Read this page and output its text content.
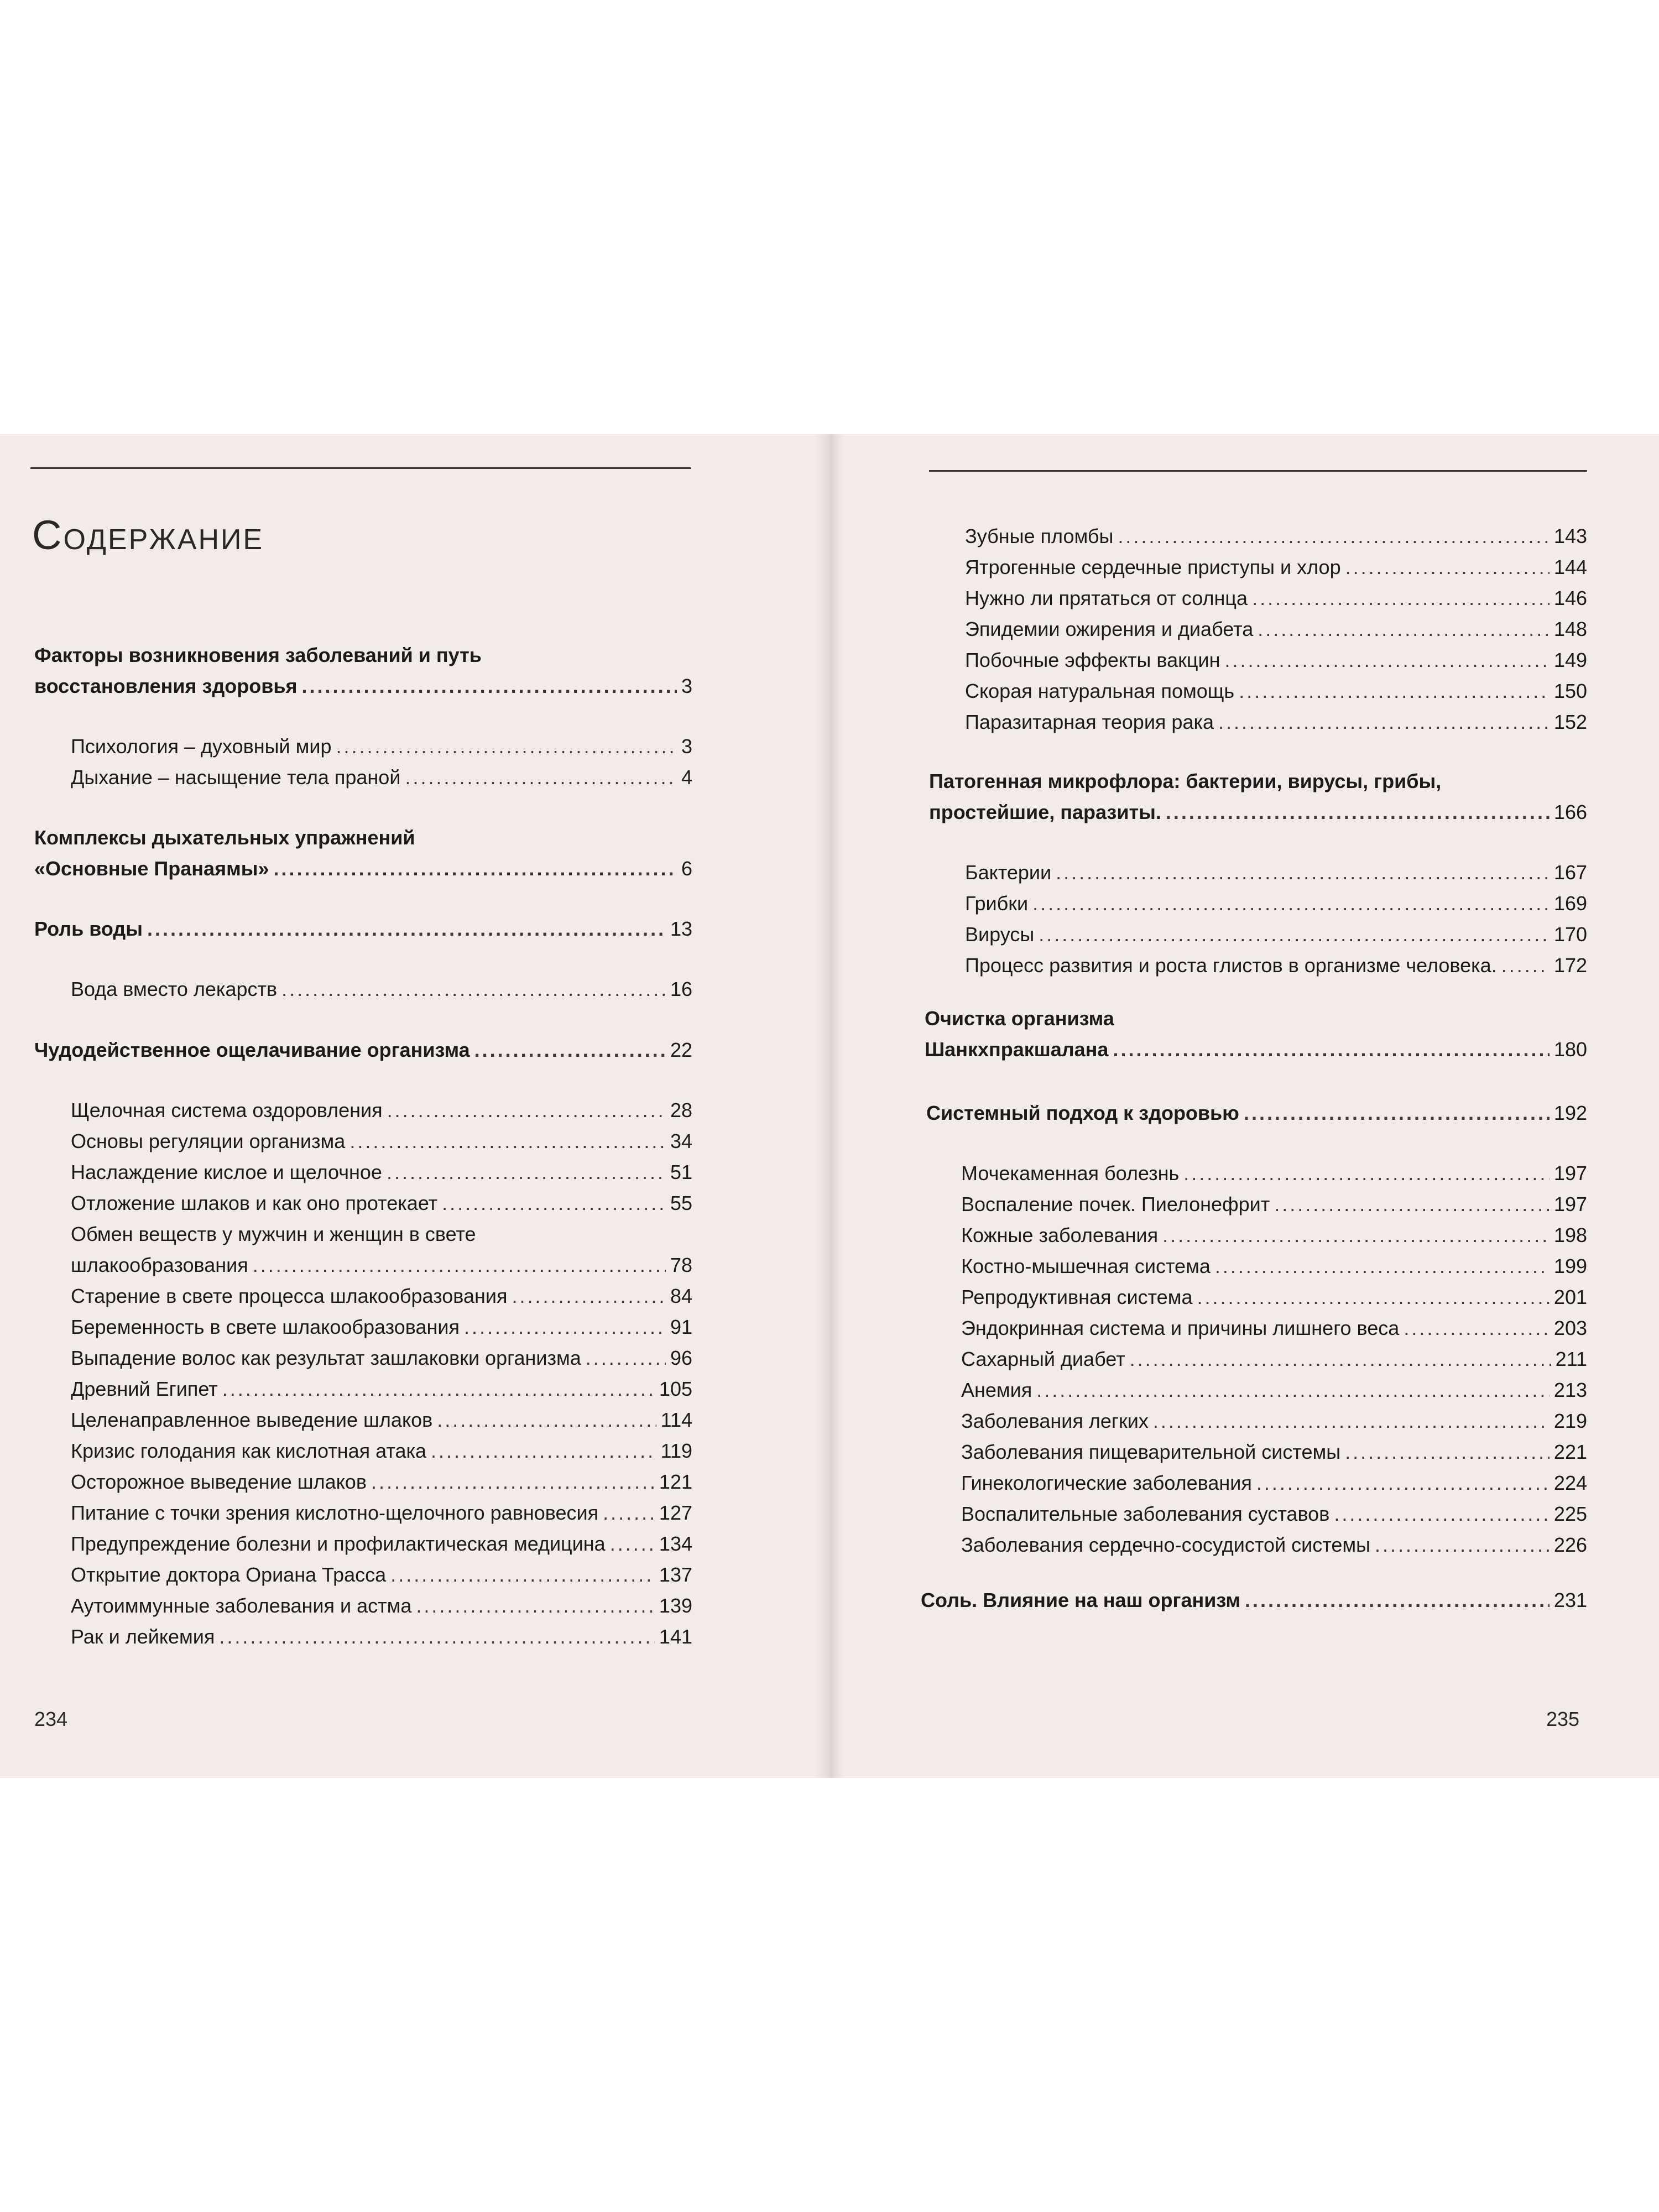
Содержание
Факторы возникновения заболеваний и путь
восстановления здоровья .....	3
Психология – духовный мир .....	3
Дыхание – насыщение тела праной .....	4
Комплексы дыхательных упражнений
«Основные Пранаямы» .....	6
Роль воды .....	13
Вода вместо лекарств .....	16
Чудодейственное ощелачивание организма .....	22
Щелочная система оздоровления .....	28
Основы регуляции организма .....	34
Наслаждение кислое и щелочное .....	51
Отложение шлаков и как оно протекает .....	55
Обмен веществ у мужчин и женщин в свете
шлакообразования .....	78
Старение в свете процесса шлакообразования .....	84
Беременность в свете шлакообразования .....	91
Выпадение волос как результат зашлаковки организма .....	96
Древний Египет .....	105
Целенаправленное выведение шлаков .....	114
Кризис голодания как кислотная атака .....	119
Осторожное выведение шлаков .....	121
Питание с точки зрения кислотно-щелочного равновесия .....	127
Предупреждение болезни и профилактическая медицина .....	134
Открытие доктора Ориана Трасса .....	137
Аутоиммунные заболевания и астма .....	139
Рак и лейкемия .....	141
234
Зубные пломбы .....	143
Ятрогенные сердечные приступы и хлор .....	144
Нужно ли прятаться от солнца .....	146
Эпидемии ожирения и диабета .....	148
Побочные эффекты вакцин .....	149
Скорая натуральная помощь .....	150
Паразитарная теория рака .....	152
Патогенная микрофлора: бактерии, вирусы, грибы,
простейшие, паразиты. .....	166
Бактерии .....	167
Грибки .....	169
Вирусы .....	170
Процесс развития и роста глистов в организме человека. .....	172
Очистка организма
Шанкхпракшалана .....	180
Системный подход к здоровью .....	192
Мочекаменная болезнь .....	197
Воспаление почек. Пиелонефрит .....	197
Кожные заболевания .....	198
Костно-мышечная система .....	199
Репродуктивная система .....	201
Эндокринная система и причины лишнего веса .....	203
Сахарный диабет .....	211
Анемия .....	213
Заболевания легких .....	219
Заболевания пищеварительной системы .....	221
Гинекологические заболевания .....	224
Воспалительные заболевания суставов .....	225
Заболевания сердечно-сосудистой системы .....	226
Соль. Влияние на наш организм .....	231
235
